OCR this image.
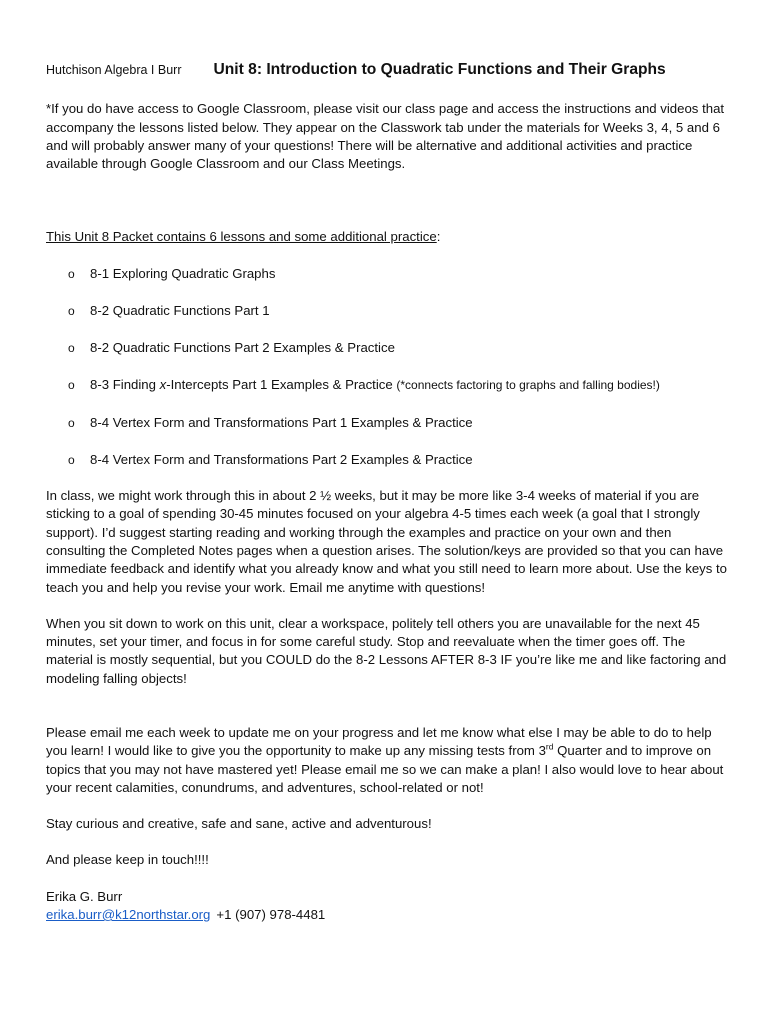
Hutchison Algebra I Burr Unit 8: Introduction to Quadratic Functions and Their Graphs

*If you do have access to Google Classroom, please visit our class page and access the instructions and videos that accompany the lessons listed below. They appear on the Classwork tab under the materials for Weeks 3, 4, 5 and 6 and will probably answer many of your questions! There will be alternative and additional activities and practice available through Google Classroom and our Class Meetings.

This Unit 8 Packet contains 6 lessons and some additional practice:

o 8-1 Exploring Quadratic Graphs
o 8-2 Quadratic Functions Part 1
o 8-2 Quadratic Functions Part 2 Examples & Practice
o 8-3 Finding x-Intercepts Part 1 Examples & Practice (*connects factoring to graphs and falling bodies!)
o 8-4 Vertex Form and Transformations Part 1 Examples & Practice
o 8-4 Vertex Form and Transformations Part 2 Examples & Practice

In class, we might work through this in about 2 ½ weeks, but it may be more like 3-4 weeks of material if you are sticking to a goal of spending 30-45 minutes focused on your algebra 4-5 times each week (a goal that I strongly support). I’d suggest starting reading and working through the examples and practice on your own and then consulting the Completed Notes pages when a question arises. The solution/keys are provided so that you can have immediate feedback and identify what you already know and what you still need to learn more about. Use the keys to teach you and help you revise your work. Email me anytime with questions!

When you sit down to work on this unit, clear a workspace, politely tell others you are unavailable for the next 45 minutes, set your timer, and focus in for some careful study. Stop and reevaluate when the timer goes off. The material is mostly sequential, but you COULD do the 8-2 Lessons AFTER 8-3 IF you’re like me and like factoring and modeling falling objects!

Please email me each week to update me on your progress and let me know what else I may be able to do to help you learn! I would like to give you the opportunity to make up any missing tests from 3rd Quarter and to improve on topics that you may not have mastered yet! Please email me so we can make a plan! I also would love to hear about your recent calamities, conundrums, and adventures, school-related or not!

Stay curious and creative, safe and sane, active and adventurous!

And please keep in touch!!!!

Erika G. Burr

erika.burr@k12northstar.org +1 (907) 978-4481
